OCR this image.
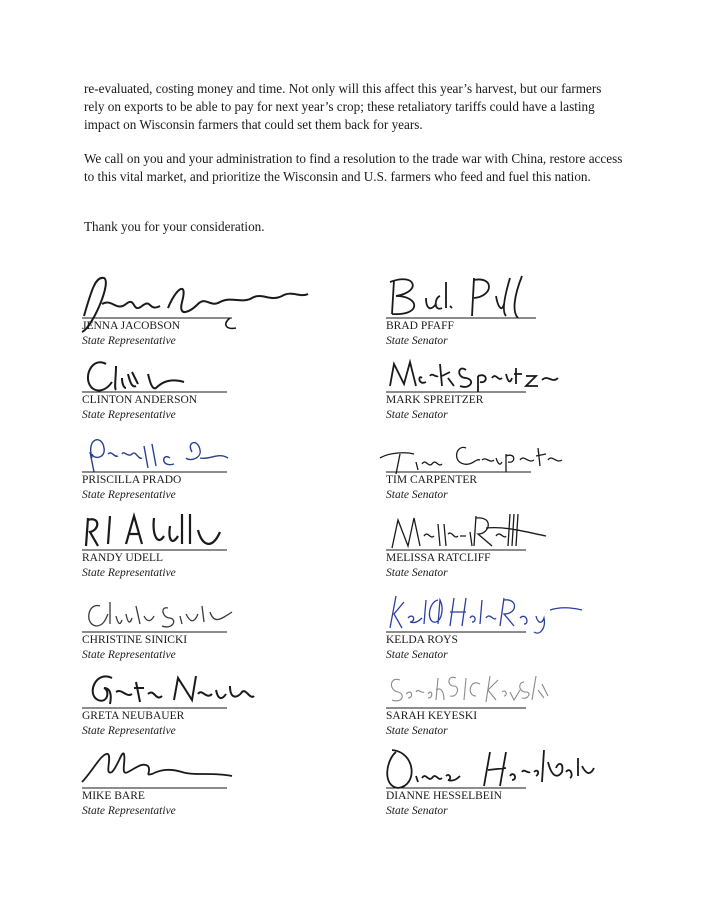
re-evaluated, costing money and time. Not only will this affect this year’s harvest, but our farmers rely on exports to be able to pay for next year’s crop; these retaliatory tariffs could have a lasting impact on Wisconsin farmers that could set them back for years.

We call on you and your administration to find a resolution to the trade war with China, restore access to this vital market, and prioritize the Wisconsin and U.S. farmers who feed and fuel this nation.

Thank you for your consideration.

JENNA JACOBSON
State Representative
CLINTON ANDERSON
State Representative
PRISCILLA PRADO
State Representative
RANDY UDELL
State Representative
CHRISTINE SINICKI
State Representative
GRETA NEUBAUER
State Representative
MIKE BARE
State Representative
BRAD PFAFF
State Senator
MARK SPREITZER
State Senator
TIM CARPENTER
State Senator
MELISSA RATCLIFF
State Senator
KELDA ROYS
State Senator
SARAH KEYESKI
State Senator
DIANNE HESSELBEIN
State Senator
